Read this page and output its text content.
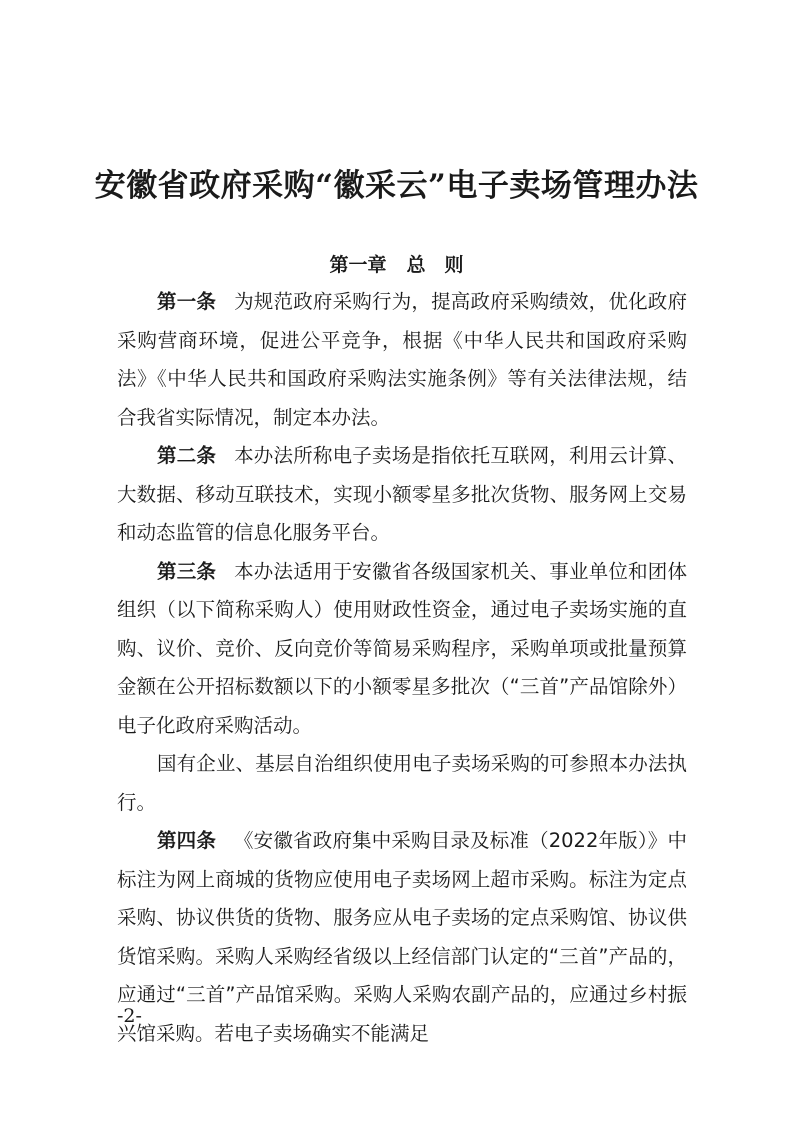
安徽省政府采购“徽采云”电子卖场管理办法
第一章 总　则

第一条 为规范政府采购行为，提高政府采购绩效，优化政府采购营商环境，促进公平竞争，根据《中华人民共和国政府采购法》《中华人民共和国政府采购法实施条例》等有关法律法规，结合我省实际情况，制定本办法。

第二条 本办法所称电子卖场是指依托互联网，利用云计算、大数据、移动互联技术，实现小额零星多批次货物、服务网上交易和动态监管的信息化服务平台。

第三条 本办法适用于安徽省各级国家机关、事业单位和团体组织（以下简称采购人）使用财政性资金，通过电子卖场实施的直购、议价、竞价、反向竞价等简易采购程序，采购单项或批量预算金额在公开招标数额以下的小额零星多批次（“三首”产品馆除外）电子化政府采购活动。

国有企业、基层自治组织使用电子卖场采购的可参照本办法执行。

第四条 《安徽省政府集中采购目录及标准（2022年版）》中标注为网上商城的货物应使用电子卖场网上超市采购。标注为定点采购、协议供货的货物、服务应从电子卖场的定点采购馆、协议供货馆采购。采购人采购经省级以上经信部门认定的“三首”产品的，应通过“三首”产品馆采购。采购人采购农副产品的，应通过乡村振兴馆采购。若电子卖场确实不能满足

-2-
